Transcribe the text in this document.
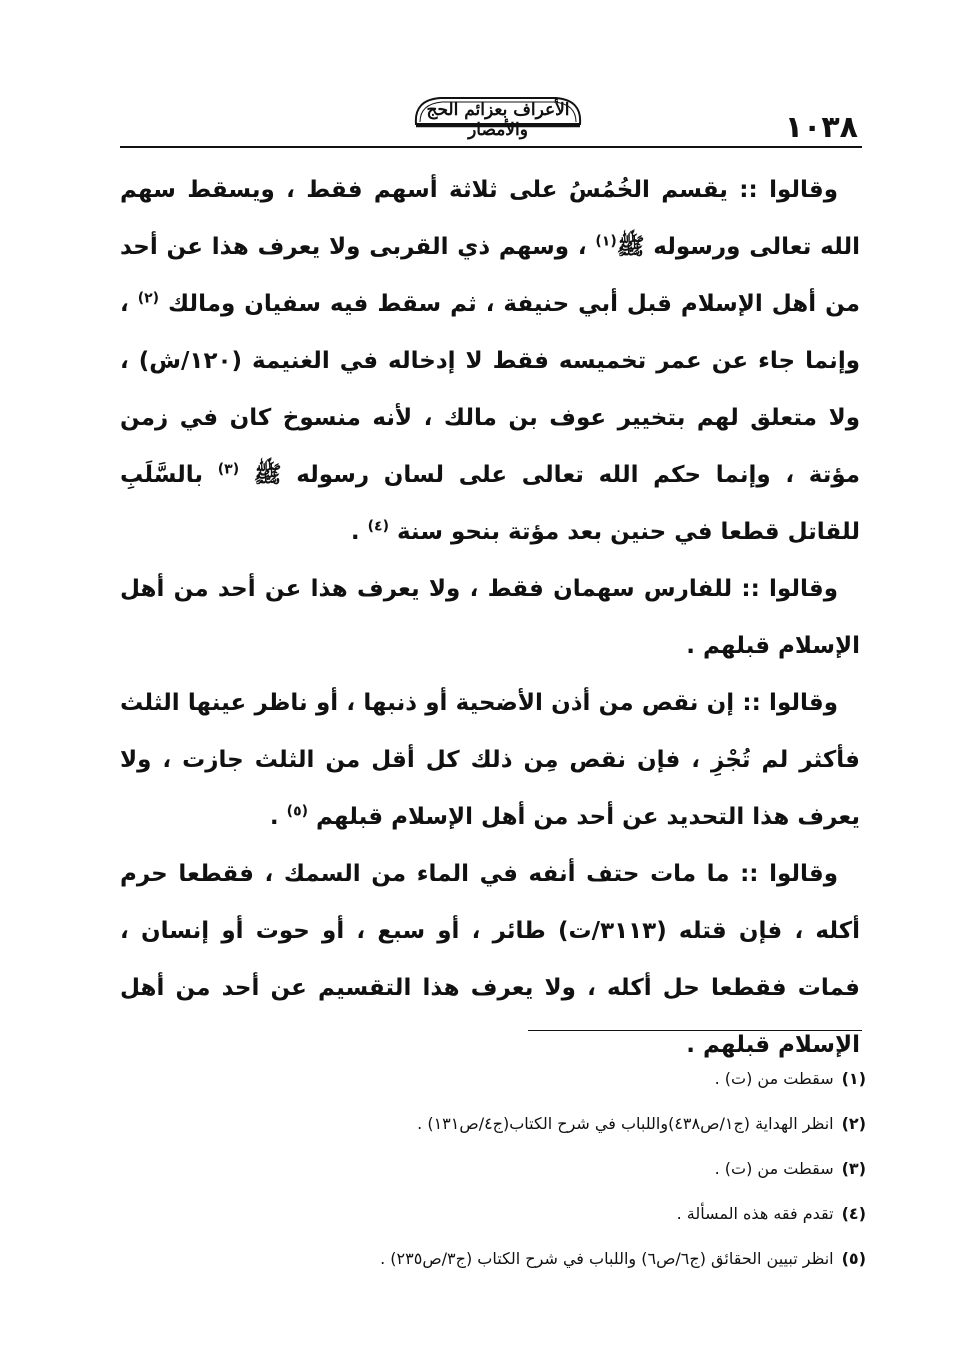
الأعراف بعزائم الحج والأمصار	١٠٣٨

وقالوا :: يقسم الخُمُسُ على ثلاثة أسهم فقط ، ويسقط سهم الله تعالى ورسوله ﷺ$^{(١)}$ ، وسهم ذي القربى ولا يعرف هذا عن أحد من أهل الإسلام قبل أبي حنيفة ، ثم سقط فيه سفيان ومالك $^{(٢)}$ ، وإنما جاء عن عمر تخميسه فقط لا إدخاله في الغنيمة (١٢٠/ش) ، ولا متعلق لهم بتخيير عوف بن مالك ، لأنه منسوخ كان في زمن مؤتة ، وإنما حكم الله تعالى على لسان رسوله ﷺ $^{(٣)}$ بالسَّلَبِ للقاتل قطعا في حنين بعد مؤتة بنحو سنة $^{(٤)}$ .

وقالوا :: للفارس سهمان فقط ، ولا يعرف هذا عن أحد من أهل الإسلام قبلهم .

وقالوا :: إن نقص من أذن الأضحية أو ذنبها ، أو ناظر عينها الثلث فأكثر لم تُجْزِ ، فإن نقص مِن ذلك كل أقل من الثلث جازت ، ولا يعرف هذا التحديد عن أحد من أهل الإسلام قبلهم $^{(٥)}$ .

وقالوا :: ما مات حتف أنفه في الماء من السمك ، فقطعا حرم أكله ، فإن قتله (٣١١٣/ت) طائر ، أو سبع ، أو حوت أو إنسان ، فمات فقطعا حل أكله ، ولا يعرف هذا التقسيم عن أحد من أهل الإسلام قبلهم .

(١)سقطت من (ت) .
(٢)انظر الهداية (ج١/ص٤٣٨)واللباب في شرح الكتاب(ج٤/ص١٣١) .
(٣)سقطت من (ت) .
(٤)تقدم فقه هذه المسألة .
(٥)انظر تبيين الحقائق (ج٦/ص٦) واللباب في شرح الكتاب (ج٣/ص٢٣٥) .
